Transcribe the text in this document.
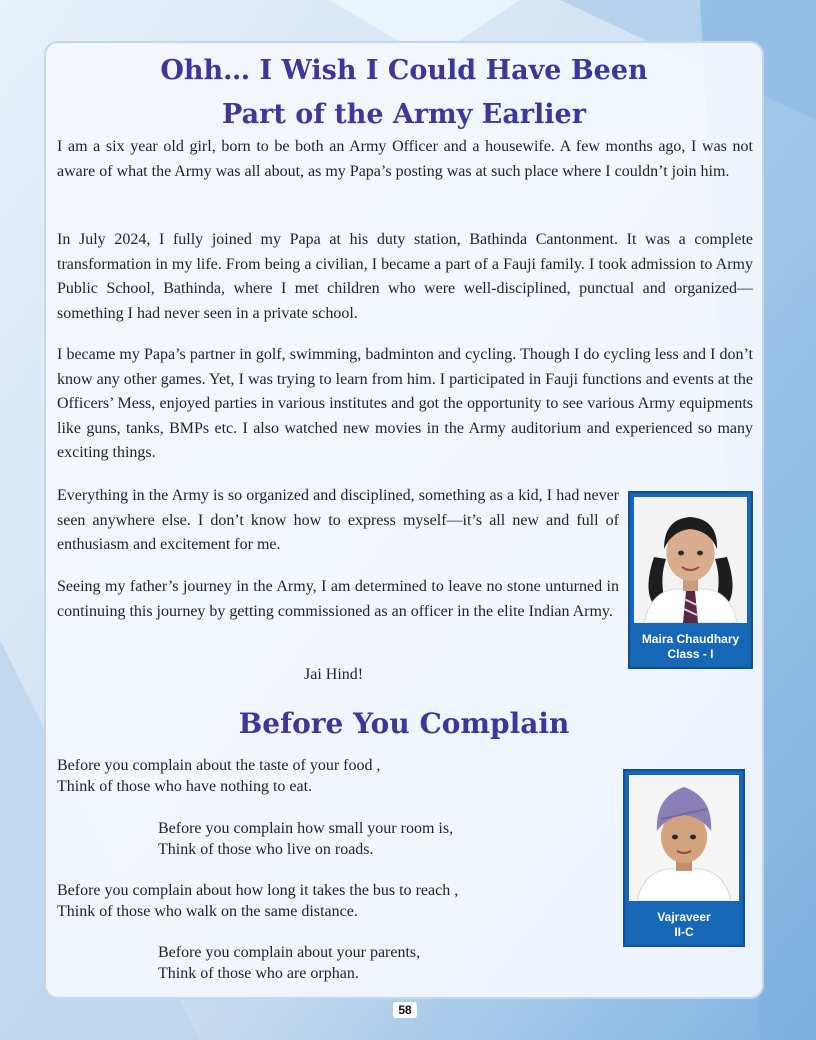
Ohh… I Wish I Could Have Been
Part of the Army Earlier

I am a six year old girl, born to be both an Army Officer and a housewife. A few months ago, I was not aware of what the Army was all about, as my Papa’s posting was at such place where I couldn’t join him.

In July 2024, I fully joined my Papa at his duty station, Bathinda Cantonment. It was a complete transformation in my life. From being a civilian, I became a part of a Fauji family. I took admission to Army Public School, Bathinda, where I met children who were well-disciplined, punctual and organized—something I had never seen in a private school.

I became my Papa’s partner in golf, swimming, badminton and cycling. Though I do cycling less and I don’t know any other games. Yet, I was trying to learn from him. I participated in Fauji functions and events at the Officers’ Mess, enjoyed parties in various institutes and got the opportunity to see various Army equipments like guns, tanks, BMPs etc. I also watched new movies in the Army auditorium and experienced so many exciting things.

Everything in the Army is so organized and disciplined, something as a kid, I had never seen anywhere else. I don’t know how to express myself—it’s all new and full of enthusiasm and excitement for me.

Seeing my father’s journey in the Army, I am determined to leave no stone unturned in continuing this journey by getting commissioned as an officer in the elite Indian Army.

Jai Hind!

Maira Chaudhary
Class - I
Before You Complain

Before you complain about the taste of your food ,

Think of those who have nothing to eat.

Before you complain how small your room is,

Think of those who live on roads.

Before you complain about how long it takes the bus to reach ,

Think of those who walk on the same distance.

Before you complain about your parents,

Think of those who are orphan.

Vajraveer
II-C
58
